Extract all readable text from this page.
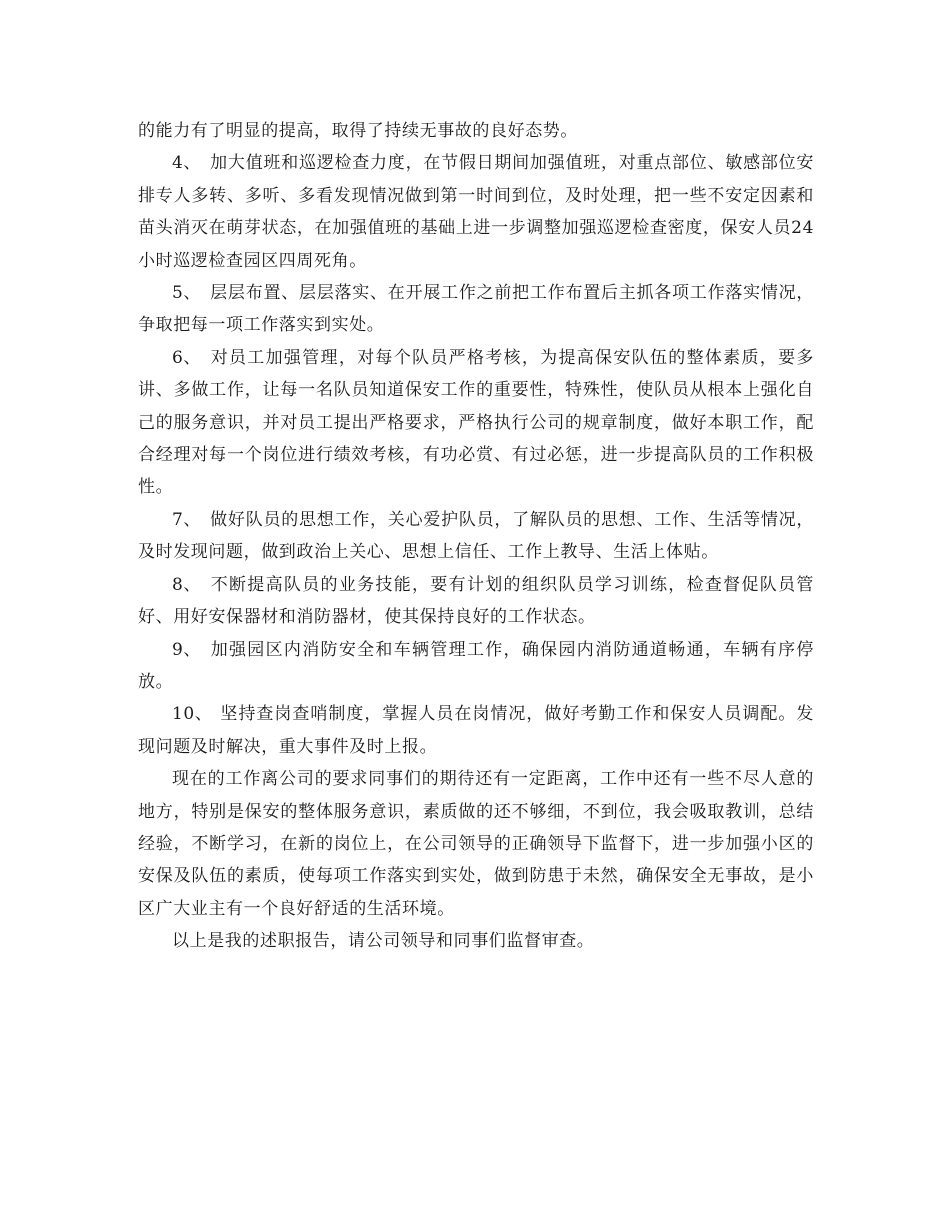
的能力有了明显的提高，取得了持续无事故的良好态势。

4、 加大值班和巡逻检查力度，在节假日期间加强值班，对重点部位、敏感部位安排专人多转、多听、多看发现情况做到第一时间到位，及时处理，把一些不安定因素和苗头消灭在萌芽状态，在加强值班的基础上进一步调整加强巡逻检查密度，保安人员24小时巡逻检查园区四周死角。

5、 层层布置、层层落实、在开展工作之前把工作布置后主抓各项工作落实情况，争取把每一项工作落实到实处。

6、 对员工加强管理，对每个队员严格考核，为提高保安队伍的整体素质，要多讲、多做工作，让每一名队员知道保安工作的重要性，特殊性，使队员从根本上强化自己的服务意识，并对员工提出严格要求，严格执行公司的规章制度，做好本职工作，配合经理对每一个岗位进行绩效考核，有功必赏、有过必惩，进一步提高队员的工作积极性。

7、 做好队员的思想工作，关心爱护队员，了解队员的思想、工作、生活等情况，及时发现问题，做到政治上关心、思想上信任、工作上教导、生活上体贴。

8、 不断提高队员的业务技能，要有计划的组织队员学习训练，检查督促队员管好、用好安保器材和消防器材，使其保持良好的工作状态。

9、 加强园区内消防安全和车辆管理工作，确保园内消防通道畅通，车辆有序停放。

10、 坚持查岗查哨制度，掌握人员在岗情况，做好考勤工作和保安人员调配。发现问题及时解决，重大事件及时上报。

现在的工作离公司的要求同事们的期待还有一定距离，工作中还有一些不尽人意的地方，特别是保安的整体服务意识，素质做的还不够细，不到位，我会吸取教训，总结经验，不断学习，在新的岗位上，在公司领导的正确领导下监督下，进一步加强小区的安保及队伍的素质，使每项工作落实到实处，做到防患于未然，确保安全无事故，是小区广大业主有一个良好舒适的生活环境。

以上是我的述职报告，请公司领导和同事们监督审查。
